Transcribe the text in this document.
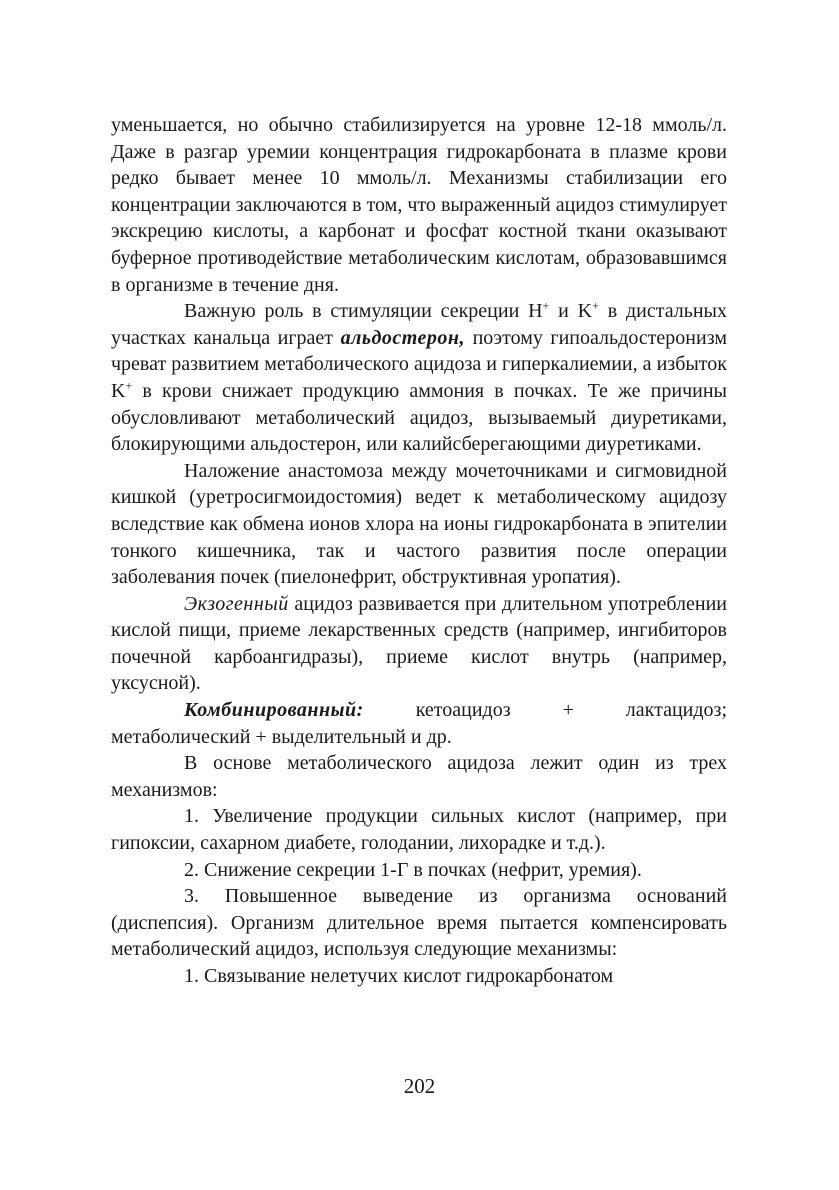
уменьшается, но обычно стабилизируется на уровне 12-18 ммоль/л. Даже в разгар уремии концентрация гидрокарбоната в плазме крови редко бывает менее 10 ммоль/л. Механизмы стабилизации его концентрации заключаются в том, что выраженный ацидоз стимулирует экскрецию кислоты, а карбонат и фосфат костной ткани оказывают буферное противодействие метаболическим кислотам, образовавшимся в организме в течение дня.

Важную роль в стимуляции секреции H+ и K+ в дистальных участках канальца играет альдостерон, поэтому гипоальдостеронизм чреват развитием метаболического ацидоза и гиперкалиемии, а избыток K+ в крови снижает продукцию аммония в почках. Те же причины обусловливают метаболический ацидоз, вызываемый диуретиками, блокирующими альдостерон, или калийсберегающими диуретиками.

Наложение анастомоза между мочеточниками и сигмовидной кишкой (уретросигмоидостомия) ведет к метаболическому ацидозу вследствие как обмена ионов хлора на ионы гидрокарбоната в эпителии тонкого кишечника, так и частого развития после операции заболевания почек (пиелонефрит, обструктивная уропатия).

Экзогенный ацидоз развивается при длительном употреблении кислой пищи, приеме лекарственных средств (например, ингибиторов почечной карбоангидразы), приеме кислот внутрь (например, уксусной).

Комбинированный: кетоацидоз + лактацидоз; метаболический + выделительный и др.

В основе метаболического ацидоза лежит один из трех механизмов:

1. Увеличение продукции сильных кислот (например, при гипоксии, сахарном диабете, голодании, лихорадке и т.д.).

2. Снижение секреции 1-Г в почках (нефрит, уремия).

3. Повышенное выведение из организма оснований (диспепсия). Организм длительное время пытается компенсировать метаболический ацидоз, используя следующие механизмы:

1. Связывание нелетучих кислот гидрокарбонатом

202
